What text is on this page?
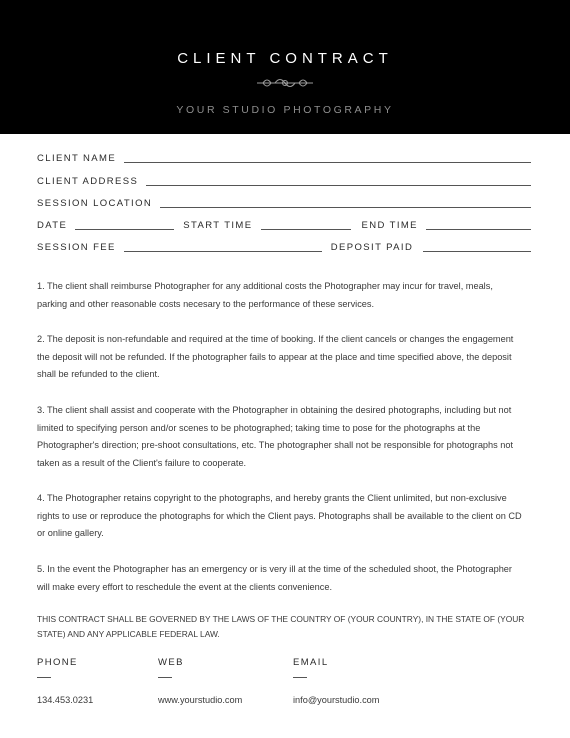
CLIENT CONTRACT
YOUR STUDIO PHOTOGRAPHY
CLIENT NAME
CLIENT ADDRESS
SESSION LOCATION
DATE	START TIME	END TIME
SESSION FEE	DEPOSIT PAID
1. The client shall reimburse Photographer for any additional costs the Photographer may incur for travel, meals, parking and other reasonable costs necesary to the performance of these services.
2. The deposit is non-refundable and required at the time of booking. If the client cancels or changes the engagement the deposit will not be refunded. If the photographer fails to appear at the place and time specified above, the deposit shall be refunded to the client.
3. The client shall assist and cooperate with the Photographer in obtaining the desired photographs, including but not limited to specifying person and/or scenes to be photographed; taking time to pose for the photographs at the Photographer's direction; pre-shoot consultations, etc. The photographer shall not be responsible for photographs not taken as a result of the Client's failure to cooperate.
4. The Photographer retains copyright to the photographs, and hereby grants the Client unlimited, but non-exclusive rights to use or reproduce the photographs for which the Client pays. Photographs shall be available to the client on CD or online gallery.
5. In the event the Photographer has an emergency or is very ill at the time of the scheduled shoot, the Photographer will make every effort to reschedule the event at the clients convenience.
THIS CONTRACT SHALL BE GOVERNED BY THE LAWS OF THE COUNTRY OF (YOUR COUNTRY), IN THE STATE OF (YOUR STATE) AND ANY APPLICABLE FEDERAL LAW.
PHONE
134.453.0231
WEB
www.yourstudio.com
EMAIL
info@yourstudio.com
